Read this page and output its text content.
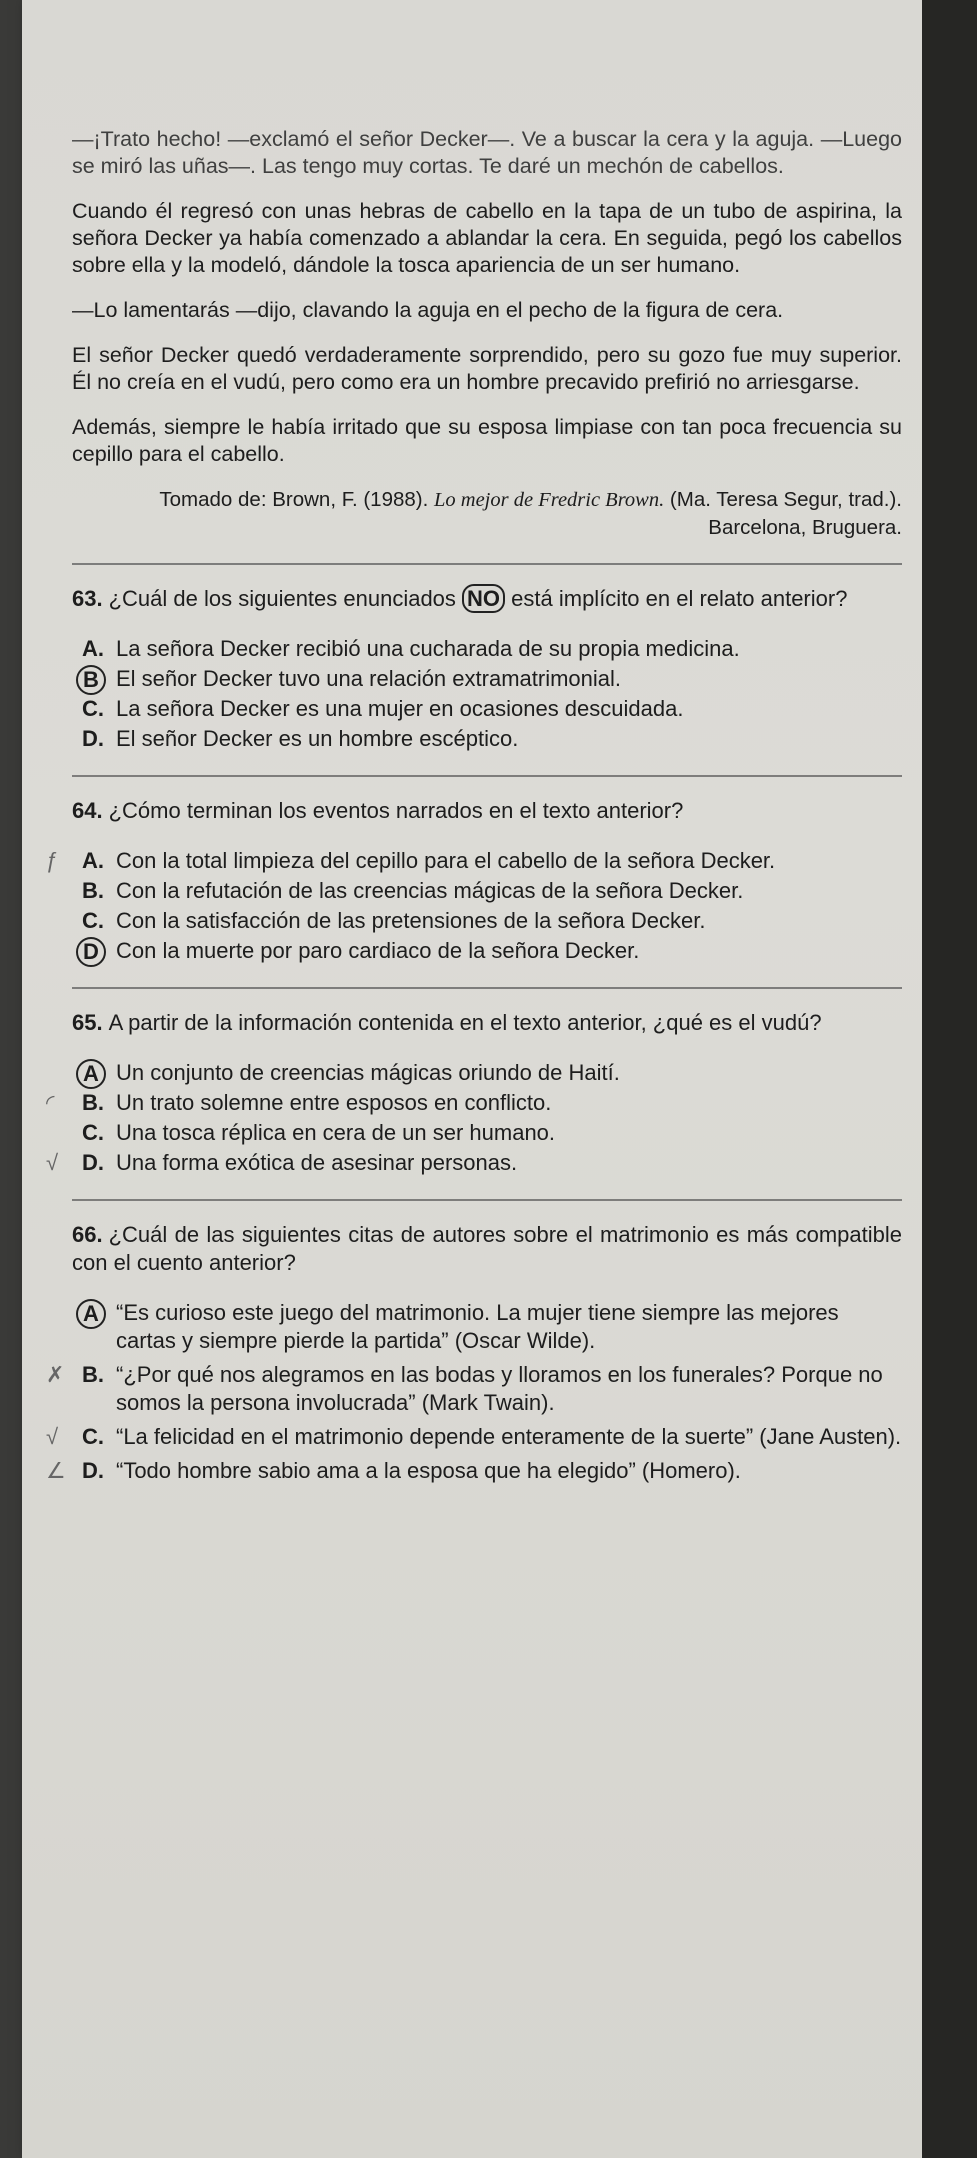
—¡Trato hecho! —exclamó el señor Decker—. Ve a buscar la cera y la aguja. —Luego se miró las uñas—. Las tengo muy cortas. Te daré un mechón de cabellos.

Cuando él regresó con unas hebras de cabello en la tapa de un tubo de aspirina, la señora Decker ya había comenzado a ablandar la cera. En seguida, pegó los cabellos sobre ella y la modeló, dándole la tosca apariencia de un ser humano.

—Lo lamentarás —dijo, clavando la aguja en el pecho de la figura de cera.

El señor Decker quedó verdaderamente sorprendido, pero su gozo fue muy superior. Él no creía en el vudú, pero como era un hombre precavido prefirió no arriesgarse.

Además, siempre le había irritado que su esposa limpiase con tan poca frecuencia su cepillo para el cabello.

Tomado de: Brown, F. (1988). Lo mejor de Fredric Brown. (Ma. Teresa Segur, trad.). Barcelona, Bruguera.

63. ¿Cuál de los siguientes enunciados NO está implícito en el relato anterior?

A. La señora Decker recibió una cucharada de su propia medicina.
B El señor Decker tuvo una relación extramatrimonial.
C. La señora Decker es una mujer en ocasiones descuidada.
D. El señor Decker es un hombre escéptico.

64. ¿Cómo terminan los eventos narrados en el texto anterior?

ƒ A. Con la total limpieza del cepillo para el cabello de la señora Decker.
B. Con la refutación de las creencias mágicas de la señora Decker.
C. Con la satisfacción de las pretensiones de la señora Decker.
D Con la muerte por paro cardiaco de la señora Decker.

65. A partir de la información contenida en el texto anterior, ¿qué es el vudú?

A Un conjunto de creencias mágicas oriundo de Haití.
◜ B. Un trato solemne entre esposos en conflicto.
C. Una tosca réplica en cera de un ser humano.
√ D. Una forma exótica de asesinar personas.

66. ¿Cuál de las siguientes citas de autores sobre el matrimonio es más compatible con el cuento anterior?

A “Es curioso este juego del matrimonio. La mujer tiene siempre las mejores cartas y siempre pierde la partida” (Oscar Wilde).
✗ B. “¿Por qué nos alegramos en las bodas y lloramos en los funerales? Porque no somos la persona involucrada” (Mark Twain).
√ C. “La felicidad en el matrimonio depende enteramente de la suerte” (Jane Austen).
∠ D. “Todo hombre sabio ama a la esposa que ha elegido” (Homero).
